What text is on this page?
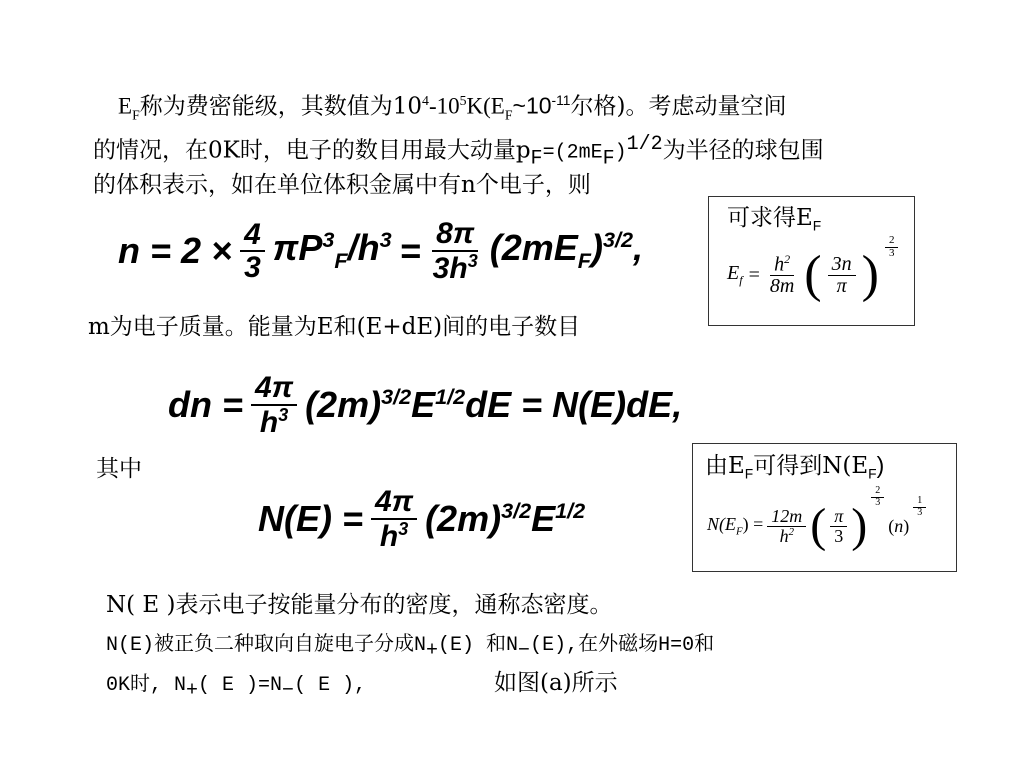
$E_F$称为费密能级，其数值为$10^4-10^5K(E_F\sim 10^{-11}$尔格)。考虑动量空间
的情况，在0K时，电子的数目用最大动量$p_F=(2mE_F)^{1/2}$为半径的球包围
的体积表示，如在单位体积金属中有n个电子，则
$n = 2 \times \frac{4}{3} \pi P^3_F/h^3 = \frac{8\pi}{3h^3} (2mE_F)^{3/2}$,
可求得$E_F$
$E_f = \frac{h^2}{8m}$ ( $\frac{3n}{\pi}$ ) $\frac{2}{3}$
m为电子质量。能量为E和(E+dE)间的电子数目
dn = $\frac{4\pi}{h^3} (2m)^{3/2}E^{1/2}dE = N(E)dE$,
其中
$N(E) = \frac{4\pi}{h^3} (2m)^{3/2}E^{1/2}$
由$E_F$可得到$N(E_F)$
$N(E_F) = \frac{12m}{h^2}$ ( $\frac{\pi}{3}$ )
$\frac{2}{3}$
(n)
$\frac{1}{3}$
N( E )表示电子按能量分布的密度，通称态密度。
N(E)被正负二种取向自旋电子分成$N_+(E)$ 和$N_-(E)$,在外磁场H=0和
0K时, $N_+$( E )$=N_-$( E ),	如图(a)所示
